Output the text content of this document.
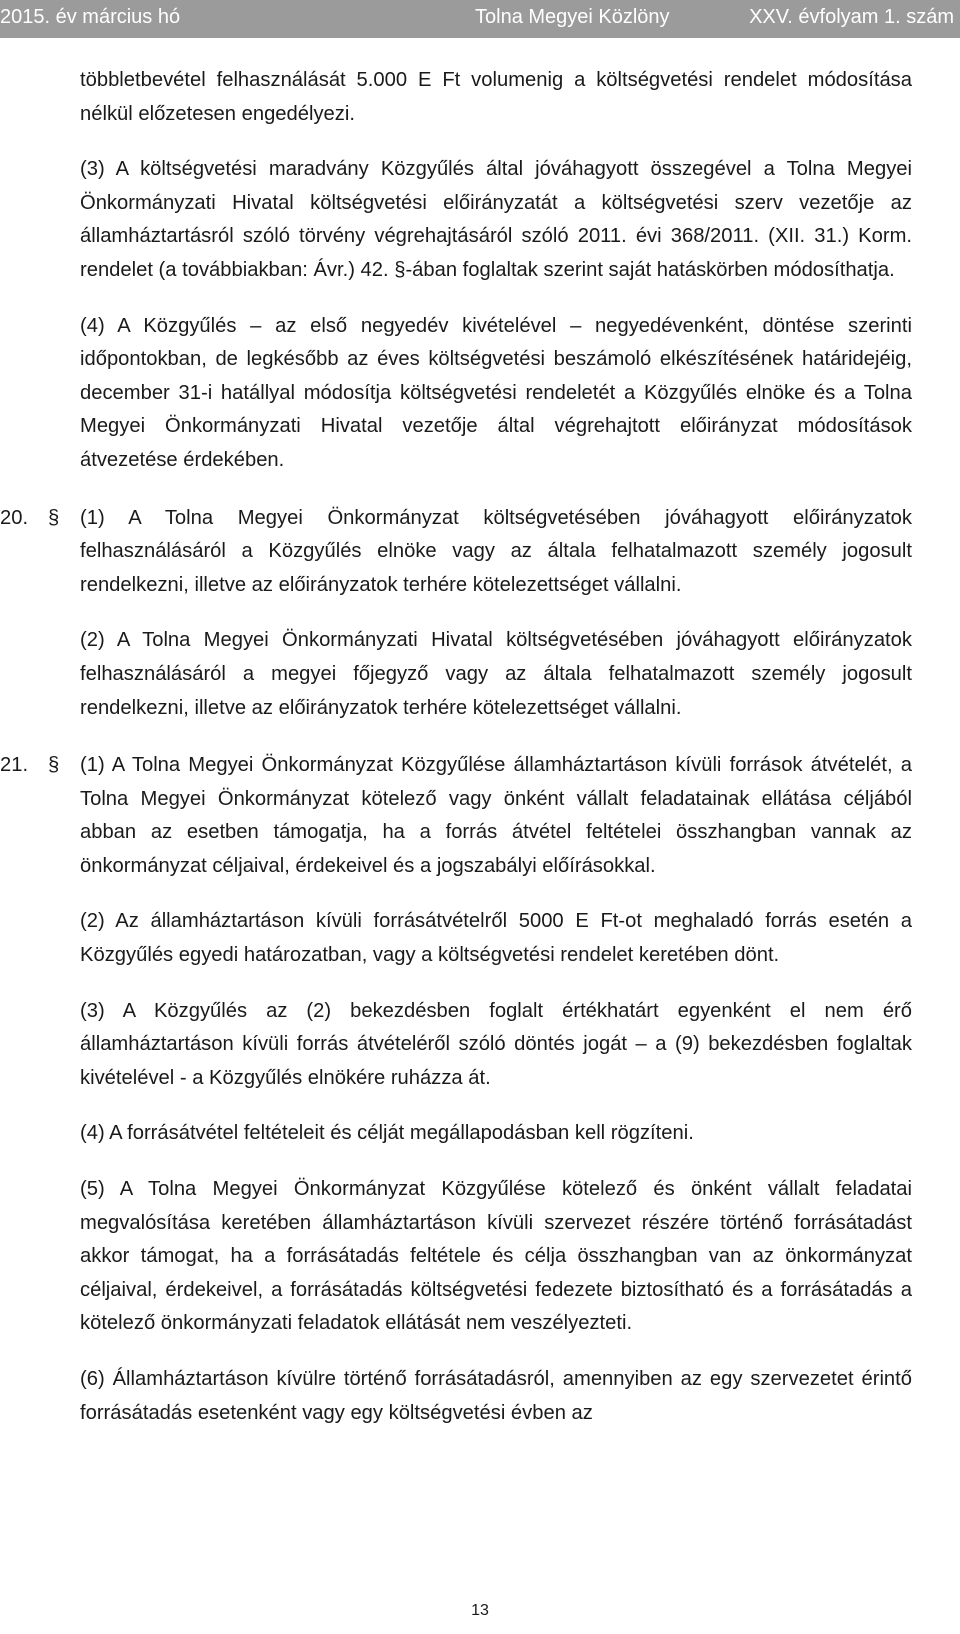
2015. év március hó	Tolna Megyei Közlöny	XXV. évfolyam 1. szám

többletbevétel felhasználását 5.000 E Ft volumenig a költségvetési rendelet módosítása nélkül előzetesen engedélyezi.

(3) A költségvetési maradvány Közgyűlés által jóváhagyott összegével a Tolna Megyei Önkormányzati Hivatal költségvetési előirányzatát a költségvetési szerv vezetője az államháztartásról szóló törvény végrehajtásáról szóló 2011. évi 368/2011. (XII. 31.) Korm. rendelet (a továbbiakban: Ávr.) 42. §-ában foglaltak szerint saját hatáskörben módosíthatja.

(4) A Közgyűlés – az első negyedév kivételével – negyedévenként, döntése szerinti időpontokban, de legkésőbb az éves költségvetési beszámoló elkészítésének határidejéig, december 31-i hatállyal módosítja költségvetési rendeletét a Közgyűlés elnöke és a Tolna Megyei Önkormányzati Hivatal vezetője által végrehajtott előirányzat módosítások átvezetése érdekében.

20. § (1) A Tolna Megyei Önkormányzat költségvetésében jóváhagyott előirányzatok felhasználásáról a Közgyűlés elnöke vagy az általa felhatalmazott személy jogosult rendelkezni, illetve az előirányzatok terhére kötelezettséget vállalni.

(2) A Tolna Megyei Önkormányzati Hivatal költségvetésében jóváhagyott előirányzatok felhasználásáról a megyei főjegyző vagy az általa felhatalmazott személy jogosult rendelkezni, illetve az előirányzatok terhére kötelezettséget vállalni.

21. § (1) A Tolna Megyei Önkormányzat Közgyűlése államháztartáson kívüli források átvételét, a Tolna Megyei Önkormányzat kötelező vagy önként vállalt feladatainak ellátása céljából abban az esetben támogatja, ha a forrás átvétel feltételei összhangban vannak az önkormányzat céljaival, érdekeivel és a jogszabályi előírásokkal.

(2) Az államháztartáson kívüli forrásátvételről 5000 E Ft-ot meghaladó forrás esetén a Közgyűlés egyedi határozatban, vagy a költségvetési rendelet keretében dönt.

(3) A Közgyűlés az (2) bekezdésben foglalt értékhatárt egyenként el nem érő államháztartáson kívüli forrás átvételéről szóló döntés jogát – a (9) bekezdésben foglaltak kivételével - a Közgyűlés elnökére ruházza át.

(4) A forrásátvétel feltételeit és célját megállapodásban kell rögzíteni.

(5) A Tolna Megyei Önkormányzat Közgyűlése kötelező és önként vállalt feladatai megvalósítása keretében államháztartáson kívüli szervezet részére történő forrásátadást akkor támogat, ha a forrásátadás feltétele és célja összhangban van az önkormányzat céljaival, érdekeivel, a forrásátadás költségvetési fedezete biztosítható és a forrásátadás a kötelező önkormányzati feladatok ellátását nem veszélyezteti.

(6) Államháztartáson kívülre történő forrásátadásról, amennyiben az egy szervezetet érintő forrásátadás esetenként vagy egy költségvetési évben az

13
